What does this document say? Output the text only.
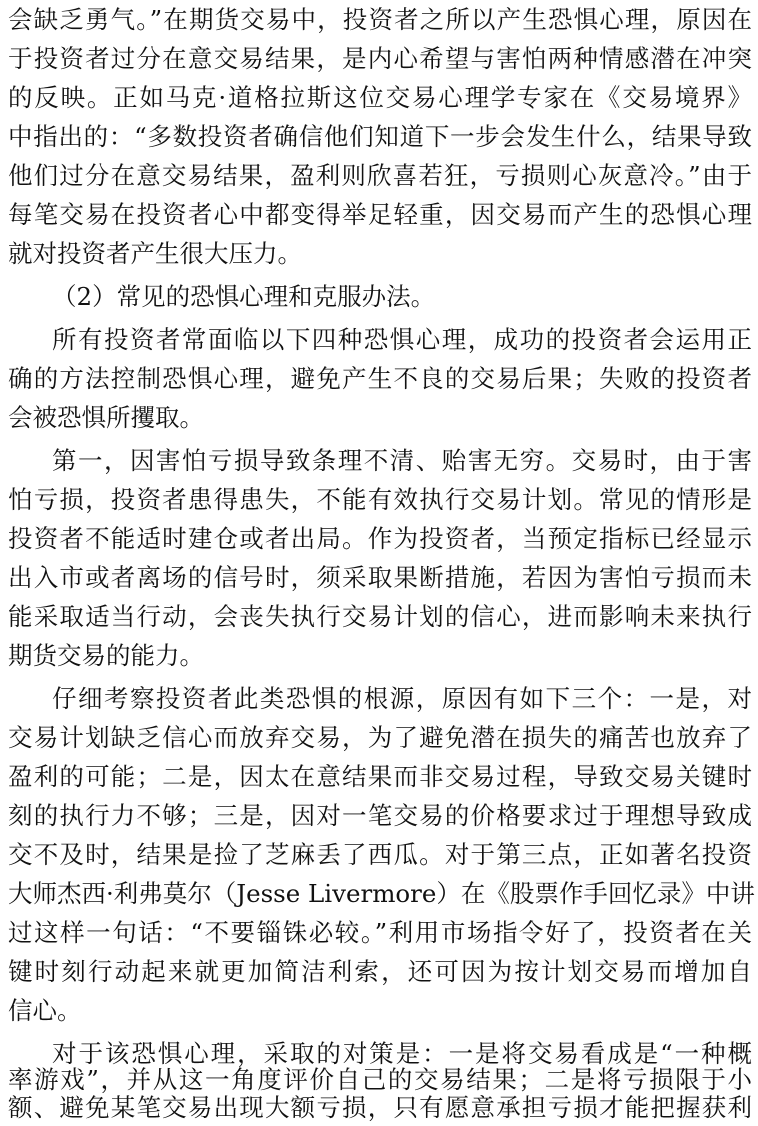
会缺乏勇气。”在期货交易中，投资者之所以产生恐惧心理，原因在
于投资者过分在意交易结果，是内心希望与害怕两种情感潜在冲突
的反映。正如马克·道格拉斯这位交易心理学专家在《交易境界》
中指出的：“多数投资者确信他们知道下一步会发生什么，结果导致
他们过分在意交易结果，盈利则欣喜若狂，亏损则心灰意冷。”由于
每笔交易在投资者心中都变得举足轻重，因交易而产生的恐惧心理
就对投资者产生很大压力。
（2）常见的恐惧心理和克服办法。
所有投资者常面临以下四种恐惧心理，成功的投资者会运用正
确的方法控制恐惧心理，避免产生不良的交易后果；失败的投资者
会被恐惧所攫取。
第一，因害怕亏损导致条理不清、贻害无穷。交易时，由于害
怕亏损，投资者患得患失，不能有效执行交易计划。常见的情形是
投资者不能适时建仓或者出局。作为投资者，当预定指标已经显示
出入市或者离场的信号时，须采取果断措施，若因为害怕亏损而未
能采取适当行动，会丧失执行交易计划的信心，进而影响未来执行
期货交易的能力。
仔细考察投资者此类恐惧的根源，原因有如下三个：一是，对
交易计划缺乏信心而放弃交易，为了避免潜在损失的痛苦也放弃了
盈利的可能；二是，因太在意结果而非交易过程，导致交易关键时
刻的执行力不够；三是，因对一笔交易的价格要求过于理想导致成
交不及时，结果是捡了芝麻丢了西瓜。对于第三点，正如著名投资
大师杰西·利弗莫尔（Jesse Livermore）在《股票作手回忆录》中讲
过这样一句话：“不要锱铢必较。”利用市场指令好了，投资者在关
键时刻行动起来就更加简洁利索，还可因为按计划交易而增加自
信心。
对于该恐惧心理，采取的对策是：一是将交易看成是“一种概
率游戏”，并从这一角度评价自己的交易结果；二是将亏损限于小
额、避免某笔交易出现大额亏损，只有愿意承担亏损才能把握获利
